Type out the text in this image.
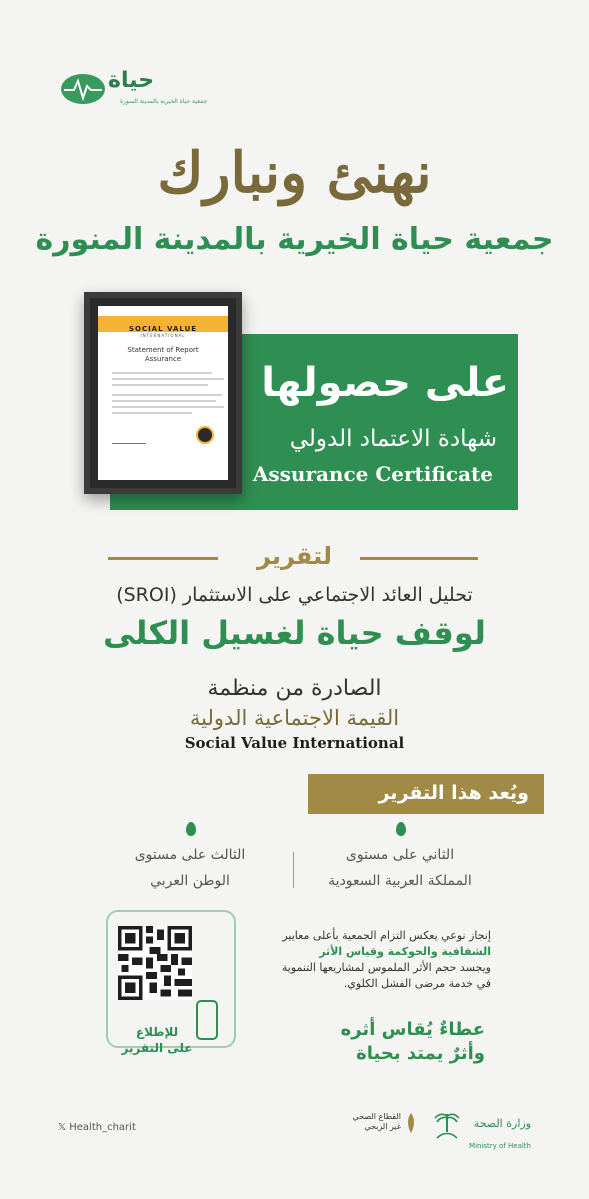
حياة
جمعية حياة الخيرية بالمدينة المنورة
نهنئ ونبارك
جمعية حياة الخيرية بالمدينة المنورة
على حصولها
شهادة الاعتماد الدولي
Assurance Certificate
SOCIAL VALUE
INTERNATIONAL
Statement of Report
Assurance
لتقرير
تحليل العائد الاجتماعي على الاستثمار (SROI)
لوقف حياة لغسيل الكلى
الصادرة من منظمة
القيمة الاجتماعية الدولية
Social Value International
ويُعد هذا التقرير
الثاني على مستوى
المملكة العربية السعودية
الثالث على مستوى
الوطن العربي
للإطلاع
على التقرير
إنجاز نوعي يعكس التزام الجمعية بأعلى معايير
الشفافية والحوكمة وقياس الأثر
ويجسد حجم الأثر الملموس لمشاريعها التنموية
في خدمة مرضى الفشل الكلوي.
عطاءٌ يُقاس أثره
وأثرٌ يمتد بحياة
𝕏 Health_charit
القطاع الصحي
غير الربحي	وزارة الصحة
Ministry of Health
